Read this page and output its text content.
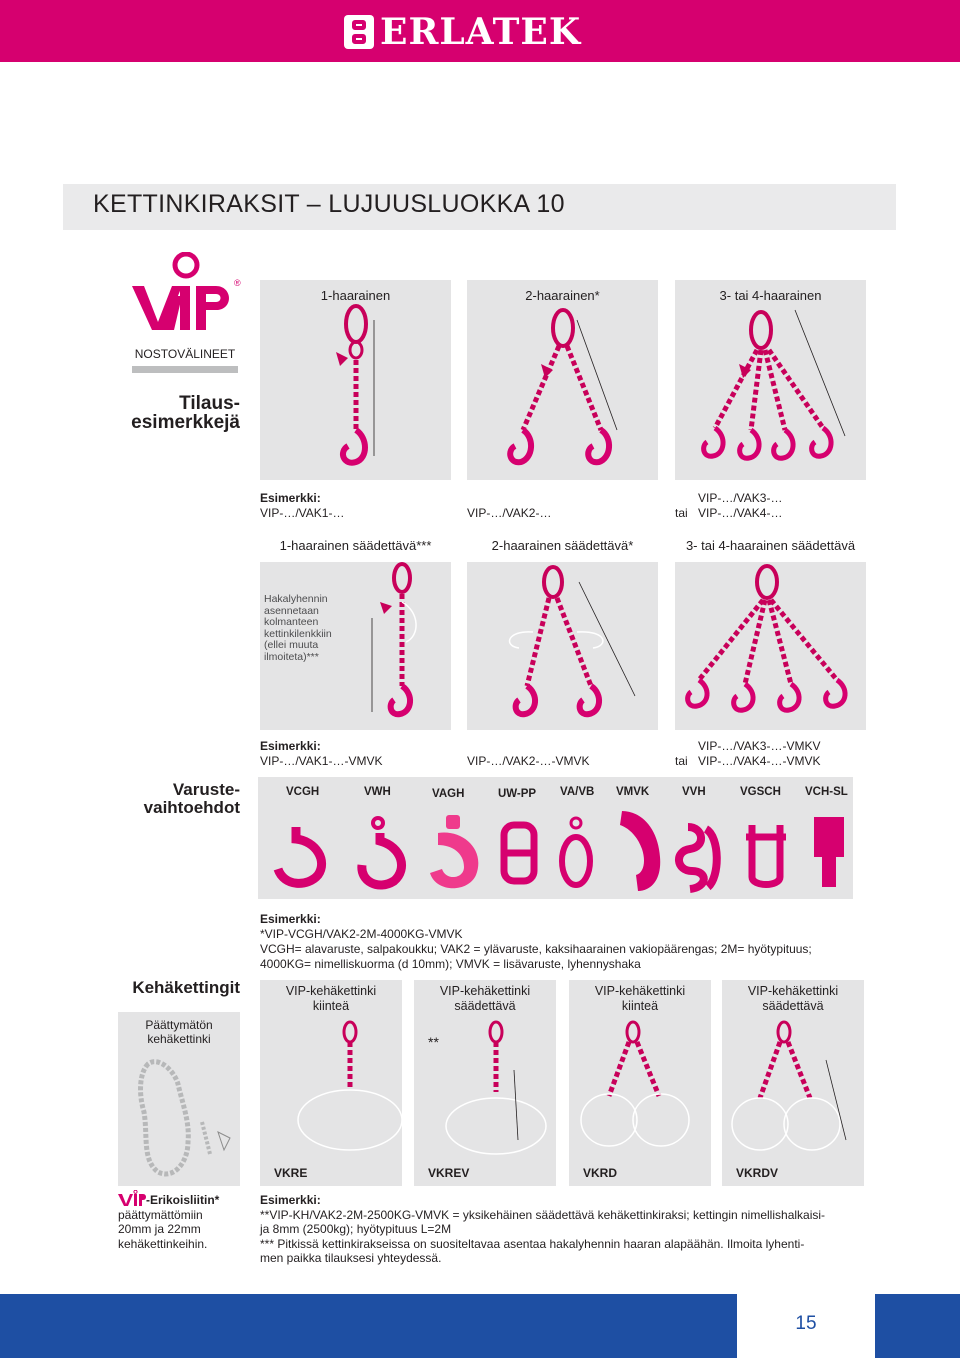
ERLATEK
KETTINKIRAKSIT – LUJUUSLUOKKA 10
®
NOSTOVÄLINEET
Tilaus-
esimerkkejä
1-haarainen	2-haarainen*	3- tai 4-haarainen
Esimerkki:
VIP-…/VAK1-…	VIP-…/VAK2-…
VIP-…/VAK3-…
tai VIP-…/VAK4-…
1-haarainen säädettävä***	2-haarainen säädettävä*	3- tai 4-haarainen säädettävä
Hakalyhennin asennetaan kolmanteen kettinkilenkkiin (ellei muuta ilmoiteta)***
Esimerkki:
VIP-…/VAK1-…-VMVK	VIP-…/VAK2-…-VMVK
VIP-…/VAK3-…-VMKV
tai VIP-…/VAK4-…-VMVK
Varuste-
vaihtoehdot
VCGH	VWH	VAGH	UW-PP VA/VB VMVK	VVH	VGSCH VCH-SL
Esimerkki:
*VIP-VCGH/VAK2-2M-4000KG-VMVK
VCGH= alavaruste, salpakoukku; VAK2 = ylävaruste, kaksihaarainen vakiopäärengas; 2M= hyötypituus;
4000KG= nimelliskuorma (d 10mm); VMVK = lisävaruste, lyhennyshaka
Kehäkettingit
Päättymätön
kehäkettinki
VIP-kehäkettinki
kiinteä
VKRE
VIP-kehäkettinki
säädettävä
**
VKREV
VIP-kehäkettinki
kiinteä
VKRD
VIP-kehäkettinki
säädettävä
VKRDV
-Erikoisliitin*
päättymättömiin
20mm ja 22mm
kehäkettinkeihin.
Esimerkki:
**VIP-KH/VAK2-2M-2500KG-VMVK = yksikehäinen säädettävä kehäkettinkiraksi; kettingin nimellishalkaisi-
ja 8mm (2500kg); hyötypituus L=2M
*** Pitkissä kettinkirakseissa on suositeltavaa asentaa hakalyhennin haaran alapäähän. Ilmoita lyhenti-
men paikka tilauksesi yhteydessä.
15
